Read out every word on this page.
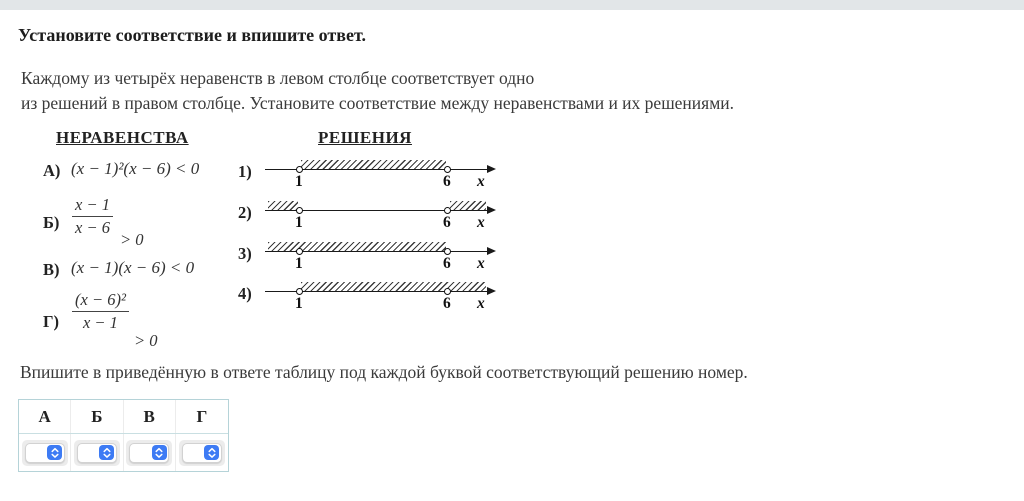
Установите соответствие и впишите ответ.
Каждому из четырёх неравенств в левом столбце соответствует одно
из решений в правом столбце. Установите соответствие между неравенствами и их решениями.
НЕРАВЕНСТВА	РЕШЕНИЯ
А) (x − 1)²(x − 6) < 0
$Б) \frac{x - 1}{x - 6}$
> 0
В) (x − 1)(x − 6) < 0
$Г) \frac{\text{(x − 6)²}}{x - 1}$
> 0
1)
1	6 x
2)
1	6 x
3)
1	6 x
4)
1	6 x
Впишите в приведённую в ответе таблицу под каждой буквой соответствующий решению номер.
А	Б	В	Г
